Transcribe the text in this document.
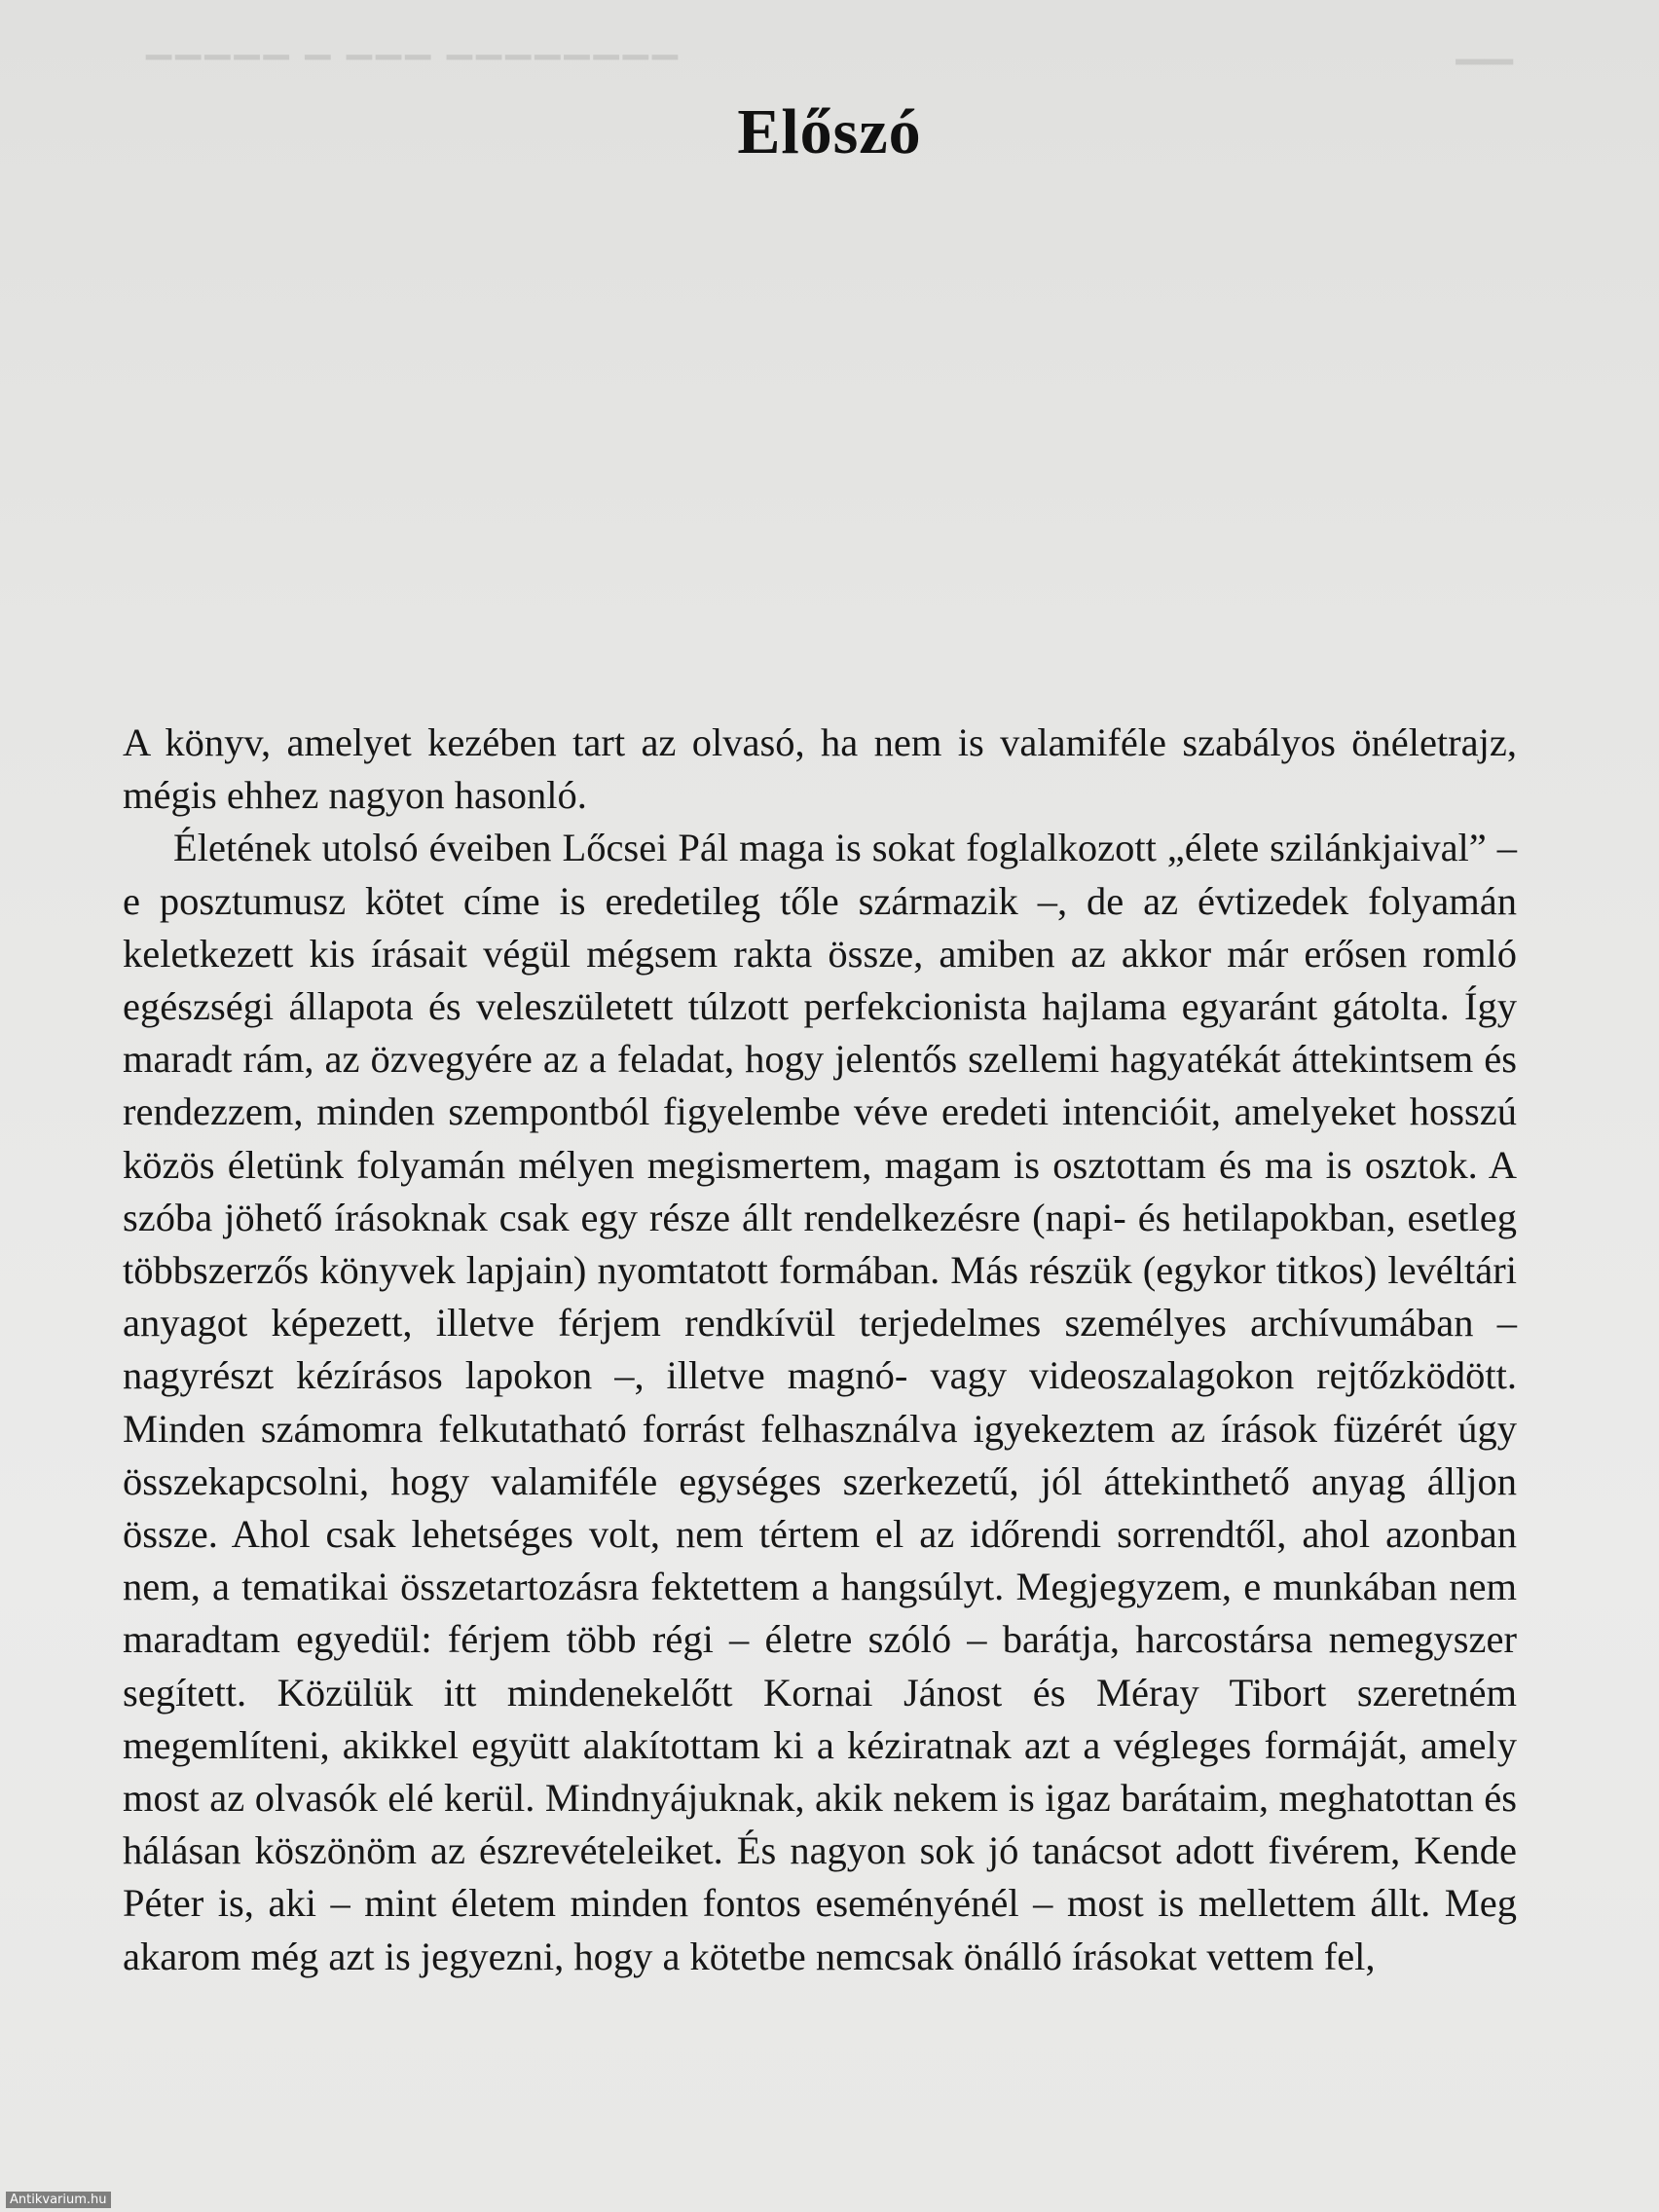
▁▁▁▁▁ ▁ ▁▁▁ ▁▁▁▁▁▁▁▁	▁▁
Előszó

A könyv, amelyet kezében tart az olvasó, ha nem is valamiféle szabályos önéletrajz, mégis ehhez nagyon hasonló.

Életének utolsó éveiben Lőcsei Pál maga is sokat foglalkozott „élete szilánkjaival” – e posztumusz kötet címe is eredetileg tőle származik –, de az évtizedek folyamán keletkezett kis írásait végül mégsem rakta össze, amiben az akkor már erősen romló egészségi állapota és veleszületett túlzott perfekcionista hajlama egyaránt gátolta. Így maradt rám, az özvegyére az a feladat, hogy jelentős szellemi hagyatékát áttekintsem és rendezzem, minden szempontból figyelembe véve eredeti intencióit, amelyeket hosszú közös életünk folyamán mélyen megismertem, magam is osztottam és ma is osztok. A szóba jöhető írásoknak csak egy része állt rendelkezésre (napi- és hetilapokban, esetleg többszerzős könyvek lapjain) nyomtatott formában. Más részük (egykor titkos) levéltári anyagot képezett, illetve férjem rendkívül terjedelmes személyes archívumában – nagyrészt kézírásos lapokon –, illetve magnó- vagy videoszalagokon rejtőzködött. Minden számomra felkutatható forrást felhasználva igyekeztem az írások füzérét úgy összekapcsolni, hogy valamiféle egységes szerkezetű, jól áttekinthető anyag álljon össze. Ahol csak lehetséges volt, nem tértem el az időrendi sorrendtől, ahol azonban nem, a tematikai összetartozásra fektettem a hangsúlyt. Megjegyzem, e munkában nem maradtam egyedül: férjem több régi – életre szóló – barátja, harcostársa nemegyszer segített. Közülük itt mindenekelőtt Kornai Jánost és Méray Tibort szeretném megemlíteni, akikkel együtt alakítottam ki a kéziratnak azt a végleges formáját, amely most az olvasók elé kerül. Mindnyájuknak, akik nekem is igaz barátaim, meghatottan és hálásan köszönöm az észrevételeiket. És nagyon sok jó tanácsot adott fivérem, Kende Péter is, aki – mint életem minden fontos eseményénél – most is mellettem állt. Meg akarom még azt is jegyezni, hogy a kötetbe nemcsak önálló írásokat vettem fel,

Antikvarium.hu
